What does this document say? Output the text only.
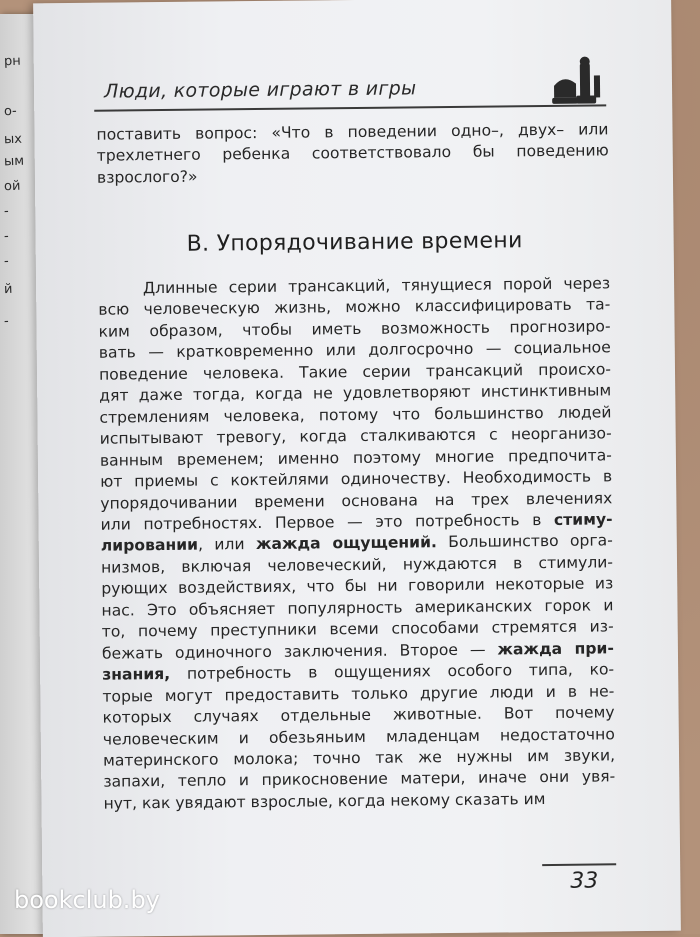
рн
о-
ых
ым
ой
-
-
-
й
-
Люди, которые играют в игры
поставить вопрос: «Что в поведении одно–, двух– или
трехлетнего ребенка соответствовало бы поведению
взрослого?»
В. Упорядочивание времени
Длинные серии трансакций, тянущиеся порой через
всю человеческую жизнь, можно классифицировать та-
ким образом, чтобы иметь возможность прогнозиро-
вать — кратковременно или долгосрочно — социальное
поведение человека. Такие серии трансакций происхо-
дят даже тогда, когда не удовлетворяют инстинктивным
стремлениям человека, потому что большинство людей
испытывают тревогу, когда сталкиваются с неорганизо-
ванным временем; именно поэтому многие предпочита-
ют приемы с коктейлями одиночеству. Необходимость в
упорядочивании времени основана на трех влечениях
или потребностях. Первое — это потребность в стиму-
лировании, или жажда ощущений. Большинство орга-
низмов, включая человеческий, нуждаются в стимули-
рующих воздействиях, что бы ни говорили некоторые из
нас. Это объясняет популярность американских горок и
то, почему преступники всеми способами стремятся из-
бежать одиночного заключения. Второе — жажда при-
знания, потребность в ощущениях особого типа, ко-
торые могут предоставить только другие люди и в не-
которых случаях отдельные животные. Вот почему
человеческим и обезьяньим младенцам недостаточно
материнского молока; точно так же нужны им звуки,
запахи, тепло и прикосновение матери, иначе они увя-
нут, как увядают взрослые, когда некому сказать им
33
bookclub.by
